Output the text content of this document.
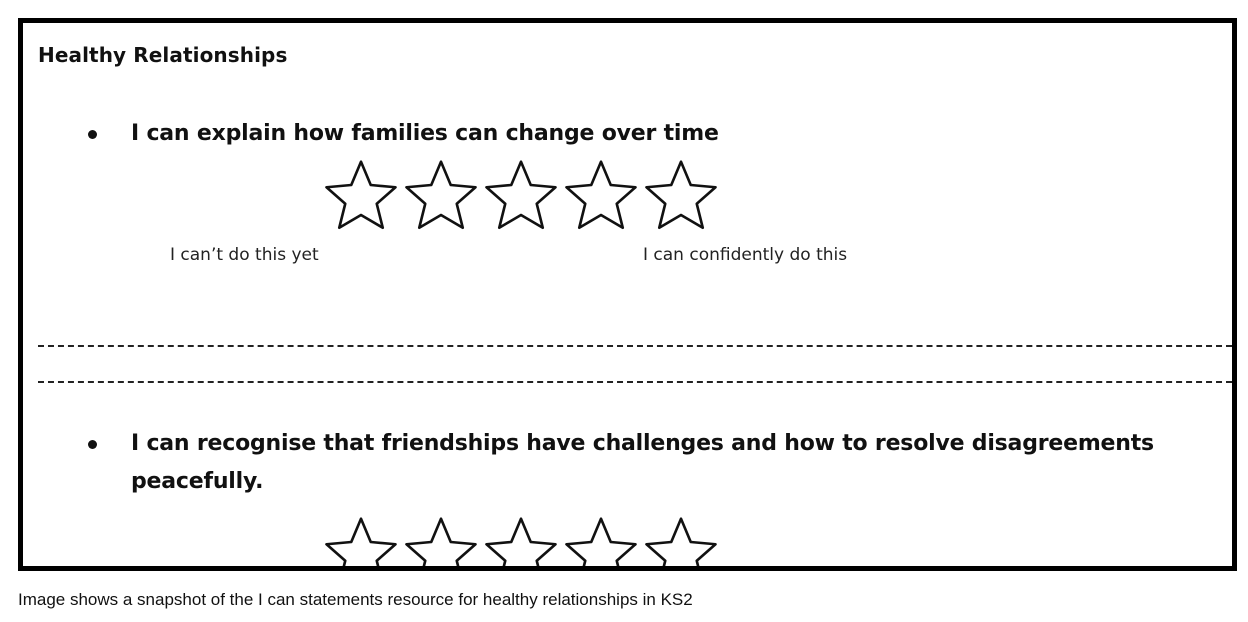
Healthy Relationships

I can explain how families can change over time

I can’t do this yet	I can confidently do this

I can recognise that friendships have challenges and how to resolve disagreements

peacefully.

Image shows a snapshot of the I can statements resource for healthy relationships in KS2
